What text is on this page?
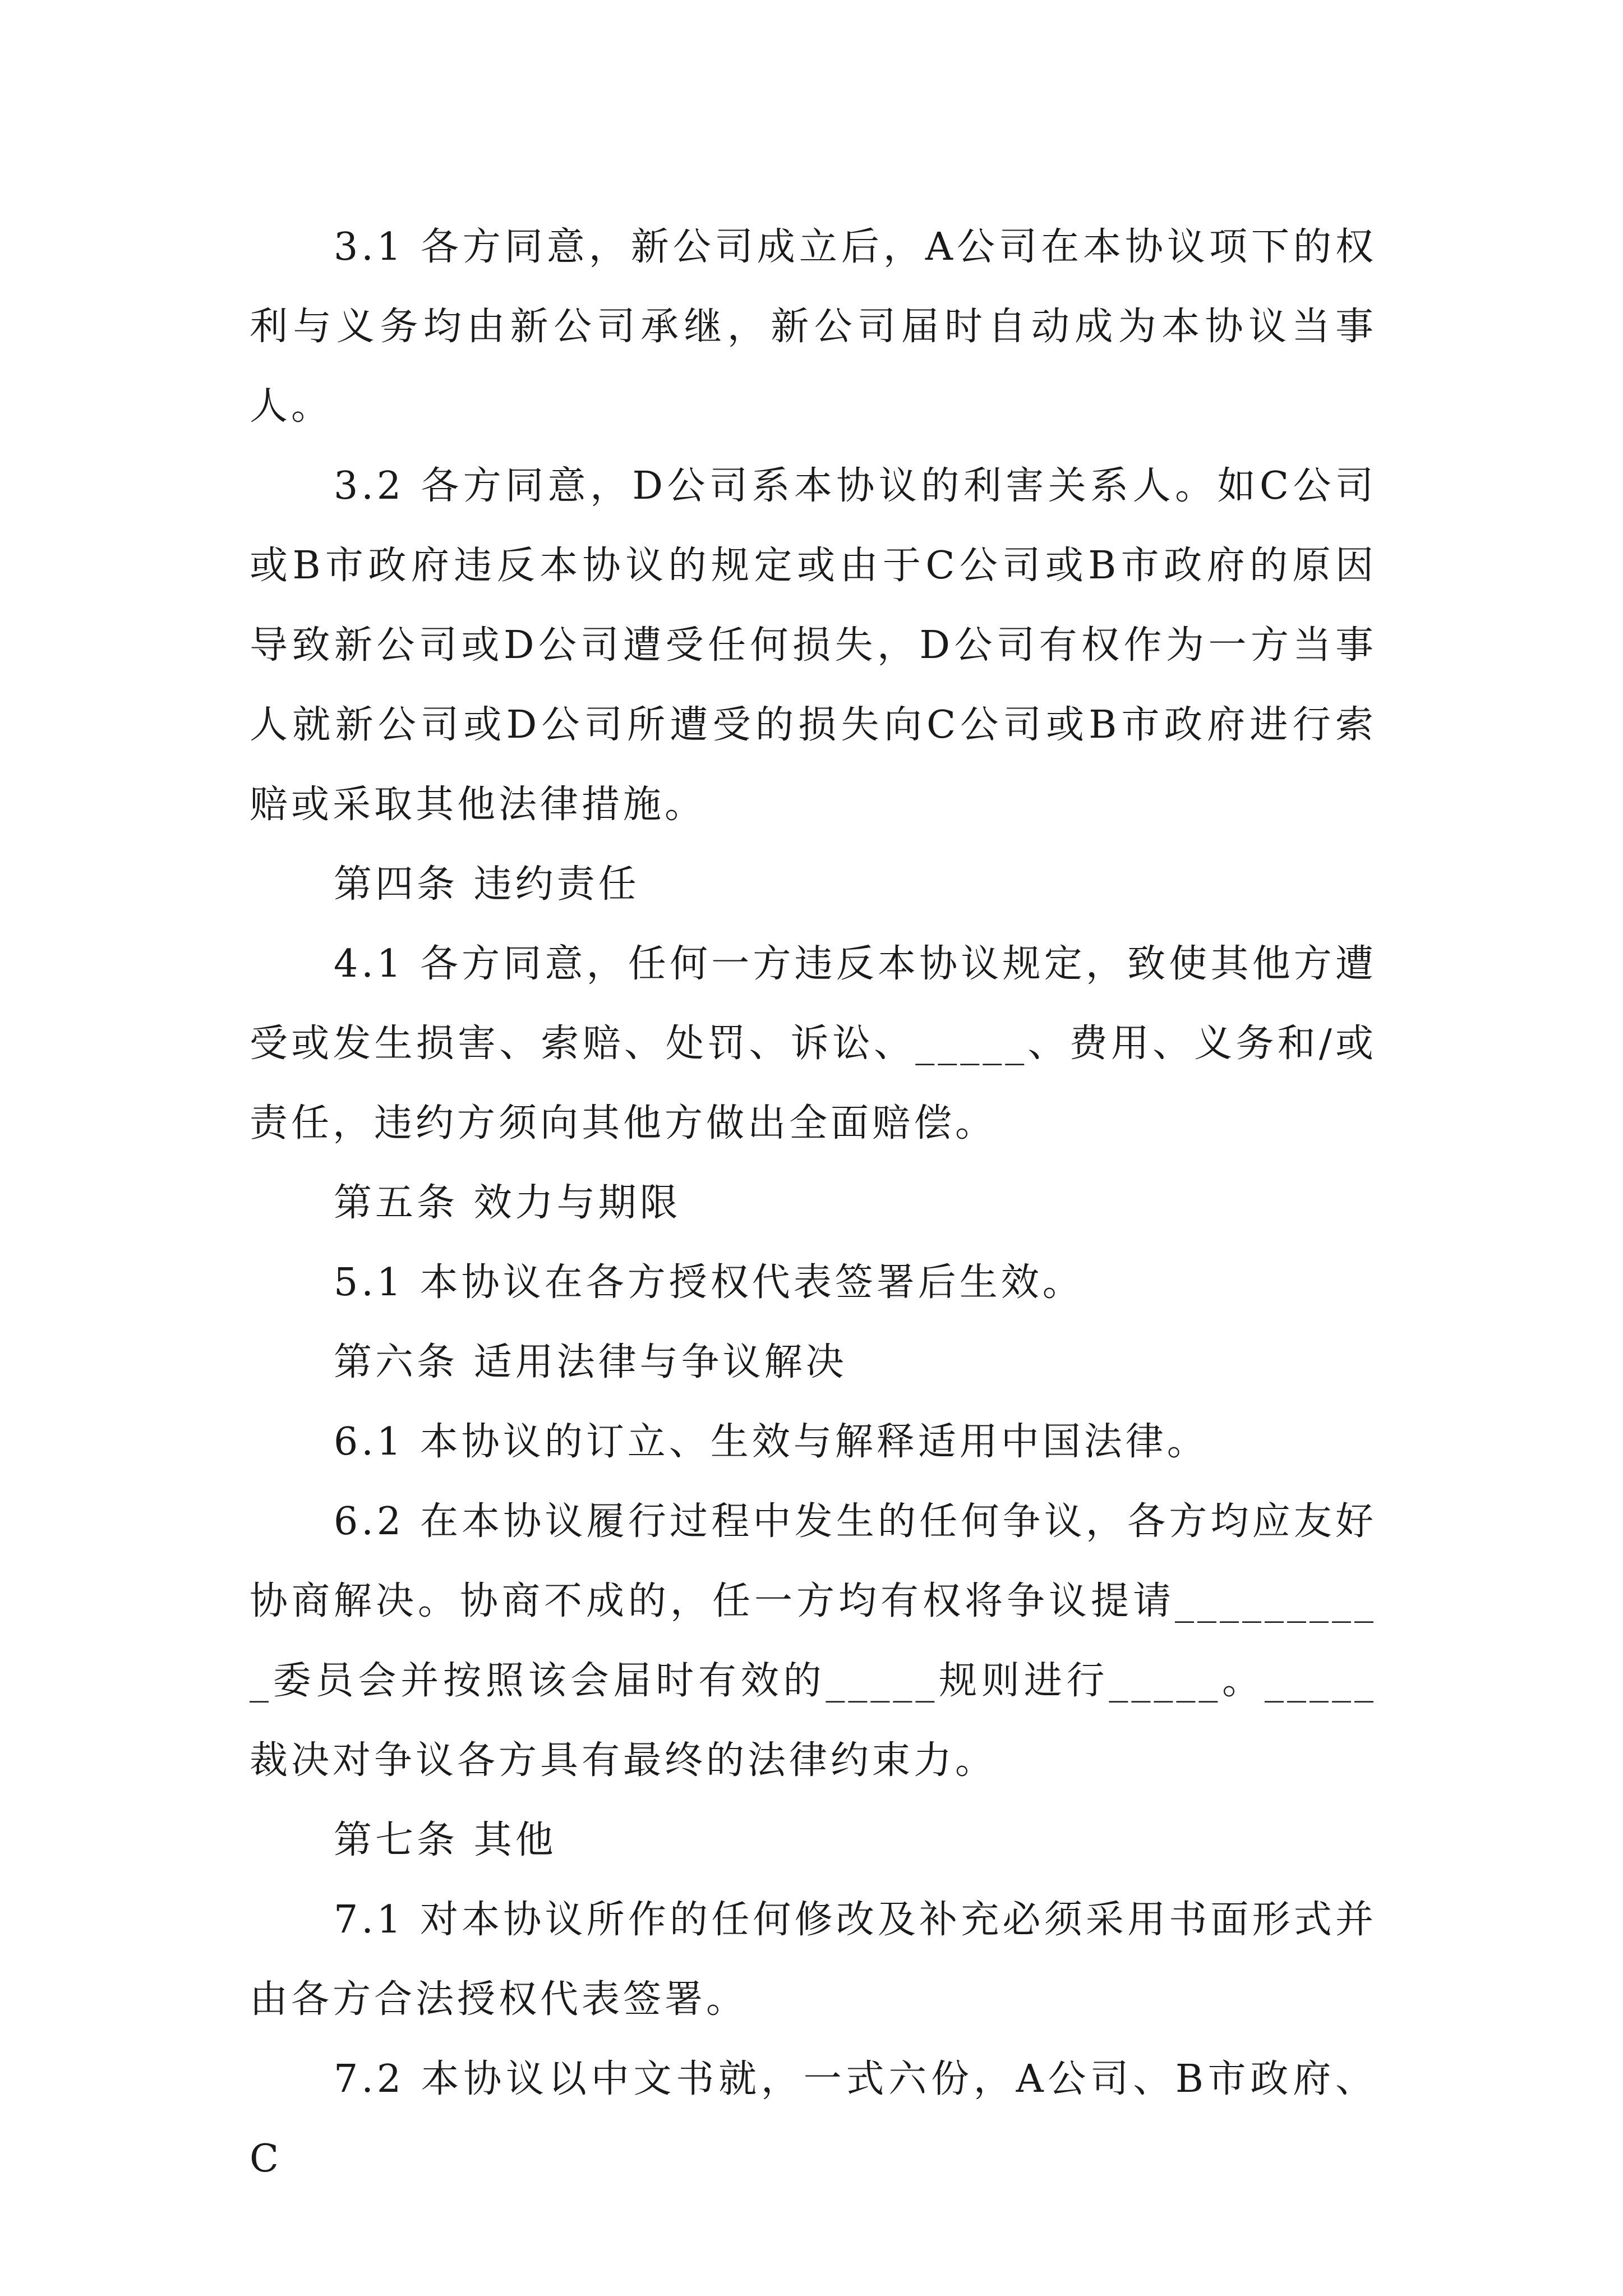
3.1 各方同意，新公司成立后，A公司在本协议项下的权利与义务均由新公司承继，新公司届时自动成为本协议当事人。

3.2 各方同意，D公司系本协议的利害关系人。如C公司或B市政府违反本协议的规定或由于C公司或B市政府的原因导致新公司或D公司遭受任何损失，D公司有权作为一方当事人就新公司或D公司所遭受的损失向C公司或B市政府进行索赔或采取其他法律措施。

第四条 违约责任

4.1 各方同意，任何一方违反本协议规定，致使其他方遭受或发生损害、索赔、处罚、诉讼、_____、费用、义务和/或责任，违约方须向其他方做出全面赔偿。

第五条 效力与期限

5.1 本协议在各方授权代表签署后生效。

第六条 适用法律与争议解决

6.1 本协议的订立、生效与解释适用中国法律。

6.2 在本协议履行过程中发生的任何争议，各方均应友好协商解决。协商不成的，任一方均有权将争议提请__________委员会并按照该会届时有效的_____规则进行_____。_____裁决对争议各方具有最终的法律约束力。

第七条 其他

7.1 对本协议所作的任何修改及补充必须采用书面形式并由各方合法授权代表签署。

7.2 本协议以中文书就，一式六份，A公司、B市政府、C
